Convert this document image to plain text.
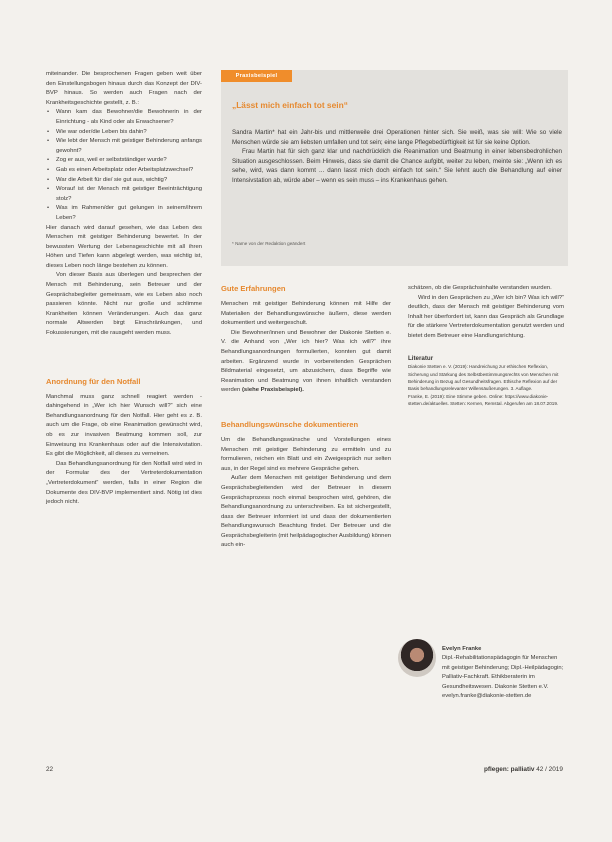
miteinander. Die besprochenen Fragen geben weit über den Einstellungsbogen hinaus durch das Konzept der DIV-BVP hinaus. So werden auch Fragen nach der Krankheitsgeschichte gestellt, z. B.:

• Wann kam das Bewohner/die Bewohnerin in der Einrichtung - als Kind oder als Erwachsener?
• Wie war oder/die Leben bis dahin?
• Wie lebt der Mensch mit geistiger Behinderung anfangs gewohnt?
• Zog er aus, weil er selbstständiger wurde?
• Gab es einen Arbeitsplatz oder Arbeitsplatzwechsel?
• War die Arbeit für die/ sie gut aus, wichtig?
• Worauf ist der Mensch mit geistiger Beeinträchtigung stolz?
• Was im Rahmen/der gut gelungen in seinem/ihrem Leben?

Hier danach wird darauf gesehen, wie das Leben des Menschen mit geistiger Behinderung bewertet. In der bewussten Wertung der Lebensgeschichte mit all ihren Höhen und Tiefen kann abgelegt werden, was wichtig ist, dieses Leben noch länge bestehen zu können.

Von dieser Basis aus überlegen und besprechen der Mensch mit Behinderung, sein Betreuer und der Gesprächsbegleiter gemeinsam, wie es Leben also noch passieren könnte. Nicht nur große und schlimme Krankheiten können Veränderungen. Auch das ganz normale Altwerden birgt Einschränkungen, und Fokussierungen, mit die rausgeht werden muss.

Anordnung für den Notfall

Manchmal muss ganz schnell reagiert werden - dahingehend in „Wer ich hier Wunsch will?“ sich eine Behandlungsanordnung für den Notfall. Hier geht es z. B. auch um die Frage, ob eine Reanimation gewünscht wird, ob es zur invasiven Beatmung kommen soll, zur Einweisung ins Krankenhaus oder auf die Intensivstation. Es gibt die Möglichkeit, all dieses zu verneinen.

Das Behandlungsanordnung für den Notfall wird wird in der Formular des der Vertreterdokumentation „Vertreterdokument“ werden, falls in einer Region die Dokumente des DIV-BVP implementiert sind. Nötig ist dies jedoch nicht.

Praxisbeispiel
„Lässt mich einfach tot sein“

Sandra Martin* hat ein Jahr-bis und mittlerweile drei Operationen hinter sich. Sie weiß, was sie will: Wie so viele Menschen würde sie am liebsten umfallen und tot sein; eine lange Pflegebedürftigkeit ist für sie keine Option.

Frau Martin hat für sich ganz klar und nachdrücklich die Reanimation und Beatmung in einer lebensbedrohlichen Situation ausgeschlossen. Beim Hinweis, dass sie damit die Chance aufgibt, weiter zu leben, meinte sie: „Wenn ich es sehe, wird, was dann kommt ... dann lasst mich doch einfach tot sein.“ Sie lehnt auch die Behandlung auf einer Intensivstation ab, würde aber – wenn es sein muss – ins Krankenhaus gehen.

* Name von der Redaktion geändert
Gute Erfahrungen

Menschen mit geistiger Behinderung können mit Hilfe der Materialien der Behandlungswünsche äußern, diese werden dokumentiert und weitergeschult.

Die Bewohner/innen und Bewohner der Diakonie Stetten e. V. die Anhand von „Wer ich hier? Was ich will?“ ihre Behandlungsanordnungen formulierten, konnten gut damit arbeiten. Ergänzend wurde in vorbereitenden Gesprächen Bildmaterial eingesetzt, um abzusichern, dass Begriffe wie Reanimation und Beatmung von ihnen inhaltlich verstanden werden (siehe Praxisbeispiel).

Behandlungswünsche dokumentieren

Um die Behandlungswünsche und Vorstellungen eines Menschen mit geistiger Behinderung zu ermitteln und zu formulieren, reichen ein Blatt und ein Zweigespräch nur selten aus, in der Regel sind es mehrere Gespräche gehen.

Außer dem Menschen mit geistiger Behinderung und dem Gesprächsbegleitenden wird der Betreuer in diesem Gesprächsprozess noch einmal besprochen wird, gehören, die Behandlungsanordnung zu unterschreiben. Es ist sichergestellt, dass der Betreuer informiert ist und dass der dokumentierten Behandlungswunsch Beachtung findet. Der Betreuer und die Gesprächsbegleiterin (mit heilpädagogischer Ausbildung) können auch ein-

schätzen, ob die Gesprächsinhalte verstanden wurden.

Wird in den Gesprächen zu „Wer ich bin? Was ich will?“ deutlich, dass der Mensch mit geistiger Behinderung vom Inhalt her überfordert ist, kann das Gespräch als Grundlage für die stärkere Vertreterdokumentation genutzt werden und bietet dem Betreuer eine Handlungsrichtung.

Literatur

Diakonie Stetten e. V. (2019): Handreichung zur ethischen Reflexion, Sicherung und Stärkung des Selbstbestimmungsrechts von Menschen mit Behinderung in Bezug auf Gesundheitsfragen. Ethische Reflexion auf der Basis behandlungsrelevanter Willensäußerungen. 3. Auflage.

Franke, E. (2019): Eine Stimme geben. Online: https://www.diakonie-stetten.de/aktuelles. Stetten: Kernen, Remstal. Abgerufen am 18.07.2019.

Evelyn Franke
Dipl.-Rehabilitationspädagogin für Menschen mit geistiger Behinderung; Dipl.-Heilpädagogin; Palliativ-Fachkraft. Ethikberaterin im Gesundheitswesen. Diakonie Stetten e.V.
evelyn.franke@diakonie-stetten.de
22	pflegen: palliativ 42 / 2019
